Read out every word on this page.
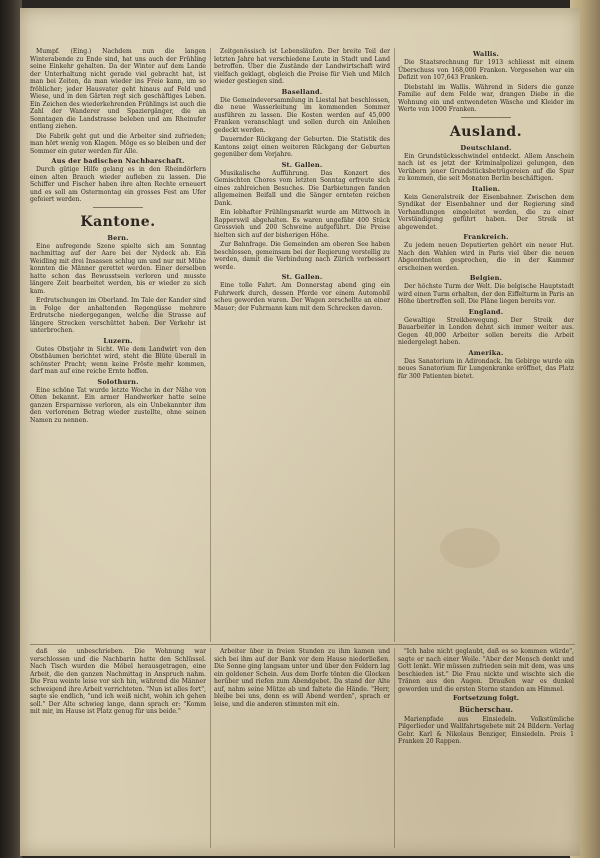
Mumpf. (Eing.) Nachdem nun die langen Winterabende zu Ende sind, hat uns auch der Frühling seine Einkehr gehalten. Da der Winter auf dem Lande der Unterhaltung nicht gerade viel gebracht hat, ist man bei Zeiten, da man wieder ins Freie kann, um so fröhlicher; jeder Hausvater geht hinaus auf Feld und Wiese, und in den Gärten regt sich geschäftiges Leben. Ein Zeichen des wiederkehrenden Frühlings ist auch die Zahl der Wanderer und Spaziergänger, die an Sonntagen die Landstrasse beleben und am Rheinufer entlang ziehen.

Die Fabrik geht gut und die Arbeiter sind zufrieden; man hört wenig von Klagen. Möge es so bleiben und der Sommer ein guter werden für Alle.

Aus der badischen Nachbarschaft.

Durch gütige Hilfe gelang es in den Rheindörfern einen alten Brauch wieder aufleben zu lassen. Die Schiffer und Fischer haben ihre alten Rechte erneuert und es soll am Ostermontag ein grosses Fest am Ufer gefeiert werden.

Kantone.
Bern.

Eine aufregende Szene spielte sich am Sonntag nachmittag auf der Aare bei der Nydeck ab. Ein Weidling mit drei Insassen schlug um und nur mit Mühe konnten die Männer gerettet werden. Einer derselben hatte schon das Bewusstsein verloren und musste längere Zeit bearbeitet werden, bis er wieder zu sich kam.

Erdrutschungen im Oberland. Im Tale der Kander sind in Folge der anhaltenden Regengüsse mehrere Erdrutsche niedergegangen, welche die Strasse auf längere Strecken verschüttet haben. Der Verkehr ist unterbrochen.

Luzern.

Gutes Obstjahr in Sicht. Wie dem Landwirt von den Obstbäumen berichtet wird, steht die Blüte überall in schönster Pracht; wenn keine Fröste mehr kommen, darf man auf eine reiche Ernte hoffen.

Solothurn.

Eine schöne Tat wurde letzte Woche in der Nähe von Olten bekannt. Ein armer Handwerker hatte seine ganzen Ersparnisse verloren, als ein Unbekannter ihm den verlorenen Betrag wieder zustellte, ohne seinen Namen zu nennen.

Zeitgenössisch ist Lebensläufen. Der breite Teil der letzten Jahre hat verschiedene Leute in Stadt und Land betroffen. Über die Zustände der Landwirtschaft wird vielfach geklagt, obgleich die Preise für Vieh und Milch wieder gestiegen sind.

Baselland.

Die Gemeindeversammlung in Liestal hat beschlossen, die neue Wasserleitung im kommenden Sommer ausführen zu lassen. Die Kosten werden auf 45,000 Franken veranschlagt und sollen durch ein Anleihen gedeckt werden.

Dauernder Rückgang der Geburten. Die Statistik des Kantons zeigt einen weiteren Rückgang der Geburten gegenüber dem Vorjahre.

St. Gallen.

Musikalische Aufführung. Das Konzert des Gemischten Chores vom letzten Sonntag erfreute sich eines zahlreichen Besuches. Die Darbietungen fanden allgemeinen Beifall und die Sänger ernteten reichen Dank.

Ein lebhafter Frühlingsmarkt wurde am Mittwoch in Rapperswil abgehalten. Es waren ungefähr 400 Stück Grossvieh und 200 Schweine aufgeführt. Die Preise hielten sich auf der bisherigen Höhe.

Zur Bahnfrage. Die Gemeinden am oberen See haben beschlossen, gemeinsam bei der Regierung vorstellig zu werden, damit die Verbindung nach Zürich verbessert werde.

St. Gallen.

Eine tolle Fahrt. Am Donnerstag abend ging ein Fuhrwerk durch, dessen Pferde vor einem Automobil scheu geworden waren. Der Wagen zerschellte an einer Mauer; der Fuhrmann kam mit dem Schrecken davon.

Wallis.

Die Staatsrechnung für 1913 schliesst mit einem Überschuss von 168,000 Franken. Vorgesehen war ein Defizit von 107,643 Franken.

Diebstahl im Wallis. Während in Siders die ganze Familie auf dem Felde war, drangen Diebe in die Wohnung ein und entwendeten Wäsche und Kleider im Werte von 1000 Franken.

Ausland.
Deutschland.

Ein Grundstücksschwindel entdeckt. Allem Anschein nach ist es jetzt der Kriminalpolizei gelungen, den Verübern jener Grundstücksbetrügereien auf die Spur zu kommen, die seit Monaten Berlin beschäftigen.

Italien.

Kein Generalstreik der Eisenbahner. Zwischen dem Syndikat der Eisenbahner und der Regierung sind Verhandlungen eingeleitet worden, die zu einer Verständigung geführt haben. Der Streik ist abgewendet.

Frankreich.

Zu jedem neuen Deputierten gehört ein neuer Hut. Nach den Wahlen wird in Paris viel über die neuen Abgeordneten gesprochen, die in der Kammer erscheinen werden.

Belgien.

Der höchste Turm der Welt. Die belgische Hauptstadt wird einen Turm erhalten, der den Eiffelturm in Paris an Höhe übertreffen soll. Die Pläne liegen bereits vor.

England.

Gewaltige Streikbewegung. Der Streik der Bauarbeiter in London dehnt sich immer weiter aus. Gegen 40,000 Arbeiter sollen bereits die Arbeit niedergelegt haben.

Amerika.

Das Sanatorium in Adirondack. Im Gebirge wurde ein neues Sanatorium für Lungenkranke eröffnet, das Platz für 300 Patienten bietet.

daß sie unbeschrieben. Die Wohnung war verschlossen und die Nachbarin hatte den Schlüssel. Nach Tisch wurden die Möbel herausgetragen, eine Arbeit, die den ganzen Nachmittag in Anspruch nahm. Die Frau weinte leise vor sich hin, während die Männer schweigend ihre Arbeit verrichteten. "Nun ist alles fort", sagte sie endlich, "und ich weiß nicht, wohin ich gehen soll." Der Alte schwieg lange, dann sprach er: "Komm mit mir, im Hause ist Platz genug für uns beide."

Arbeiter über in freien Stunden zu ihm kamen und sich bei ihm auf der Bank vor dem Hause niederließen. Die Sonne ging langsam unter und über den Feldern lag ein goldener Schein. Aus dem Dorfe tönten die Glocken herüber und riefen zum Abendgebet. Da stand der Alte auf, nahm seine Mütze ab und faltete die Hände. "Herr, bleibe bei uns, denn es will Abend werden", sprach er leise, und die anderen stimmten mit ein.

"Ich habe nicht geglaubt, daß es so kommen würde", sagte er nach einer Weile. "Aber der Mensch denkt und Gott lenkt. Wir müssen zufrieden sein mit dem, was uns beschieden ist." Die Frau nickte und wischte sich die Tränen aus den Augen. Draußen war es dunkel geworden und die ersten Sterne standen am Himmel.

Fortsetzung folgt.
Bücherschau.

Marienpfade aus Einsiedeln. Volkstümliche Pilgerlieder und Wallfahrtsgebete mit 24 Bildern. Verlag Gebr. Karl & Nikolaus Benziger, Einsiedeln. Preis 1 Franken 20 Rappen.
